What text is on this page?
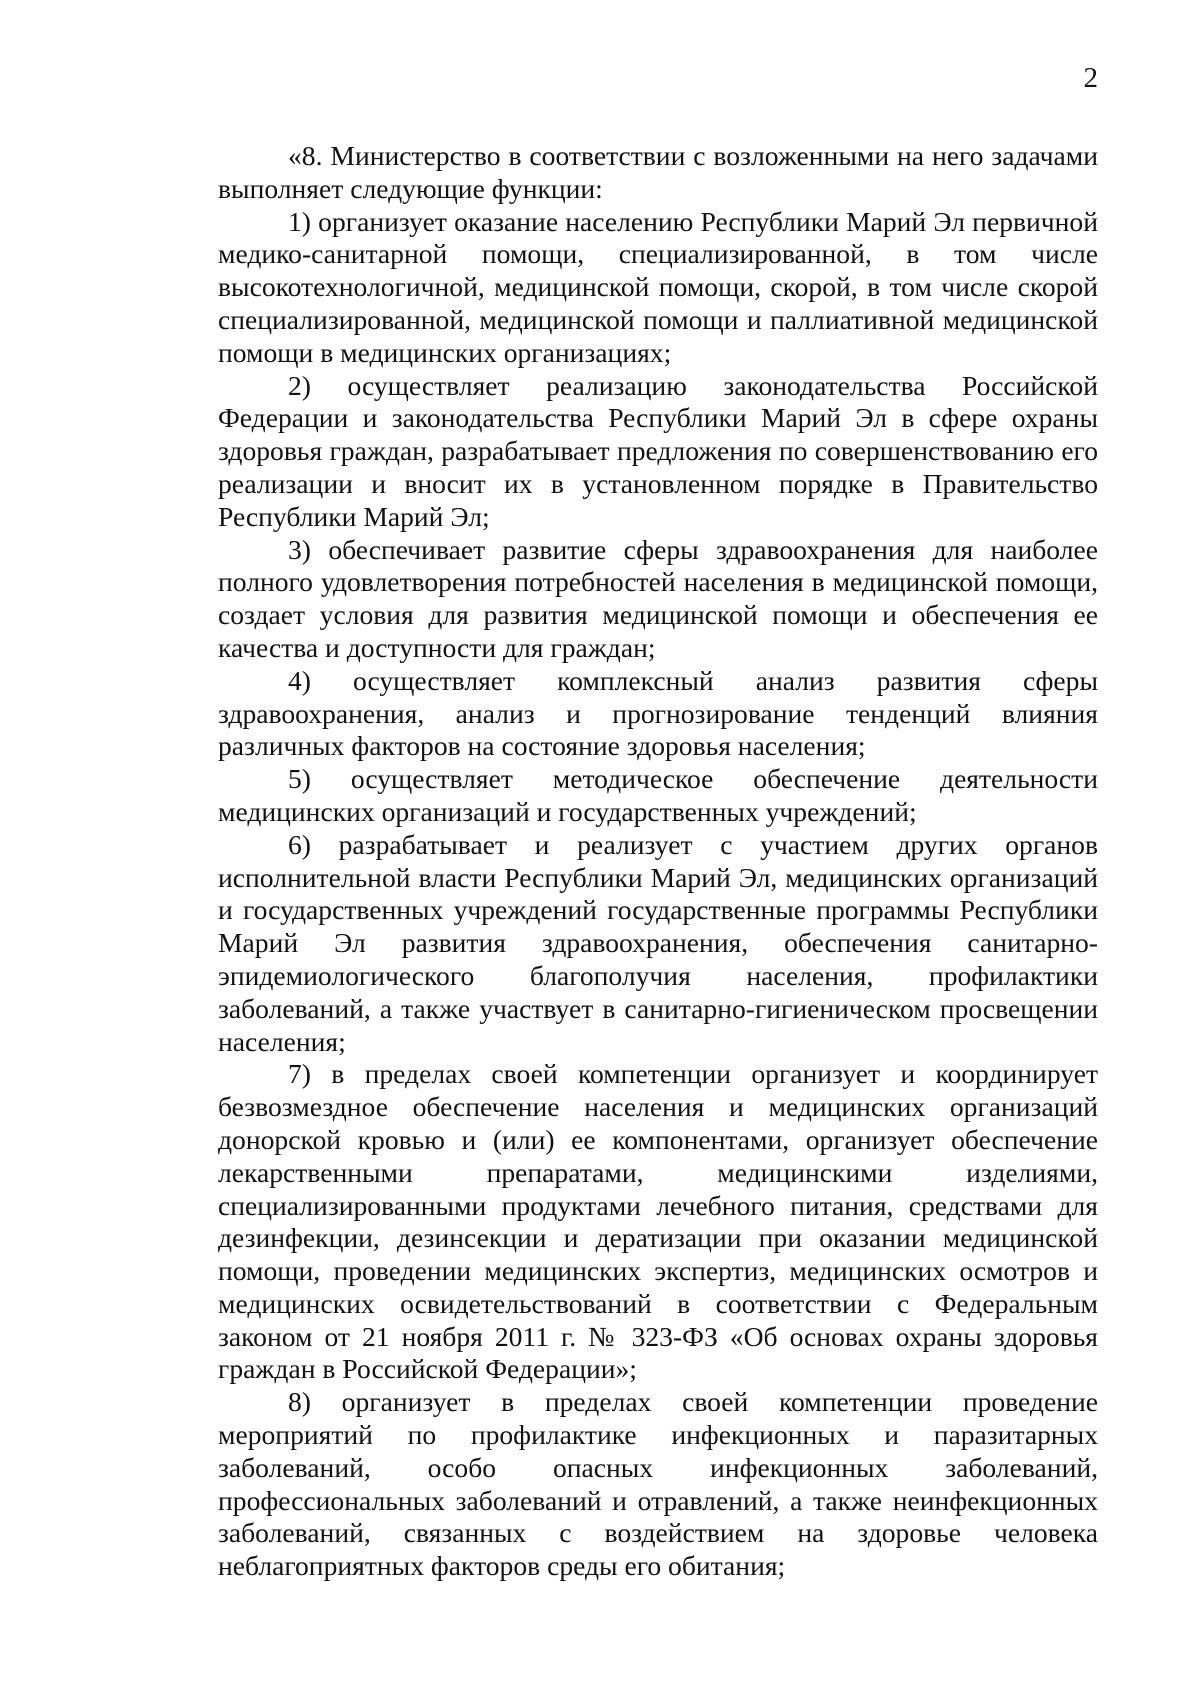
2

«8. Министерство в соответствии с возложенными на него задачами выполняет следующие функции:

1) организует оказание населению Республики Марий Эл первичной медико-санитарной помощи, специализированной, в том числе высокотехнологичной, медицинской помощи, скорой, в том числе скорой специализированной, медицинской помощи и паллиативной медицинской помощи в медицинских организациях;

2) осуществляет реализацию законодательства Российской Федерации и законодательства Республики Марий Эл в сфере охраны здоровья граждан, разрабатывает предложения по совершенствованию его реализации и вносит их в установленном порядке в Правительство Республики Марий Эл;

3) обеспечивает развитие сферы здравоохранения для наиболее полного удовлетворения потребностей населения в медицинской помощи, создает условия для развития медицинской помощи и обеспечения ее качества и доступности для граждан;

4) осуществляет комплексный анализ развития сферы здравоохранения, анализ и прогнозирование тенденций влияния различных факторов на состояние здоровья населения;

5) осуществляет методическое обеспечение деятельности медицинских организаций и государственных учреждений;

6) разрабатывает и реализует с участием других органов исполнительной власти Республики Марий Эл, медицинских организаций и государственных учреждений государственные программы Республики Марий Эл развития здравоохранения, обеспечения санитарно-эпидемиологического благополучия населения, профилактики заболеваний, а также участвует в санитарно-гигиеническом просвещении населения;

7) в пределах своей компетенции организует и координирует безвозмездное обеспечение населения и медицинских организаций донорской кровью и (или) ее компонентами, организует обеспечение лекарственными препаратами, медицинскими изделиями, специализированными продуктами лечебного питания, средствами для дезинфекции, дезинсекции и дератизации при оказании медицинской помощи, проведении медицинских экспертиз, медицинских осмотров и медицинских освидетельствований в соответствии с Федеральным законом от 21 ноября 2011 г. № 323-ФЗ «Об основах охраны здоровья граждан в Российской Федерации»;

8) организует в пределах своей компетенции проведение мероприятий по профилактике инфекционных и паразитарных заболеваний, особо опасных инфекционных заболеваний, профессиональных заболеваний и отравлений, а также неинфекционных заболеваний, связанных с воздействием на здоровье человека неблагоприятных факторов среды его обитания;
